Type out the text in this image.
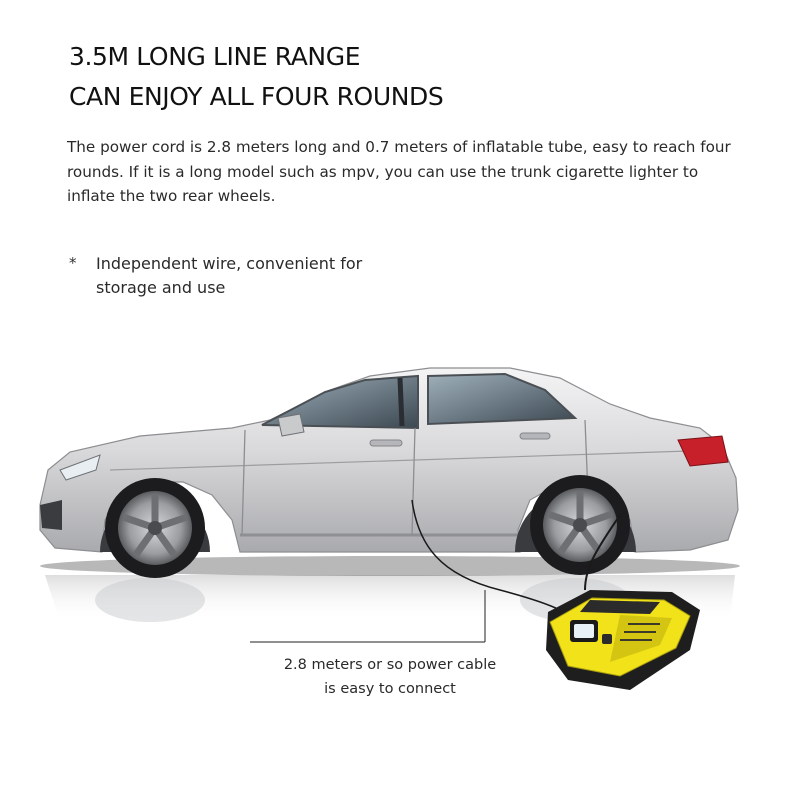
3.5M LONG LINE RANGE
CAN ENJOY ALL FOUR ROUNDS

The power cord is 2.8 meters long and 0.7 meters of inflatable tube, easy to reach four rounds. If it is a long model such as mpv, you can use the trunk cigarette lighter to inflate the two rear wheels.

* Independent wire, convenient for storage and use

2.8 meters or so power cable
is easy to connect
